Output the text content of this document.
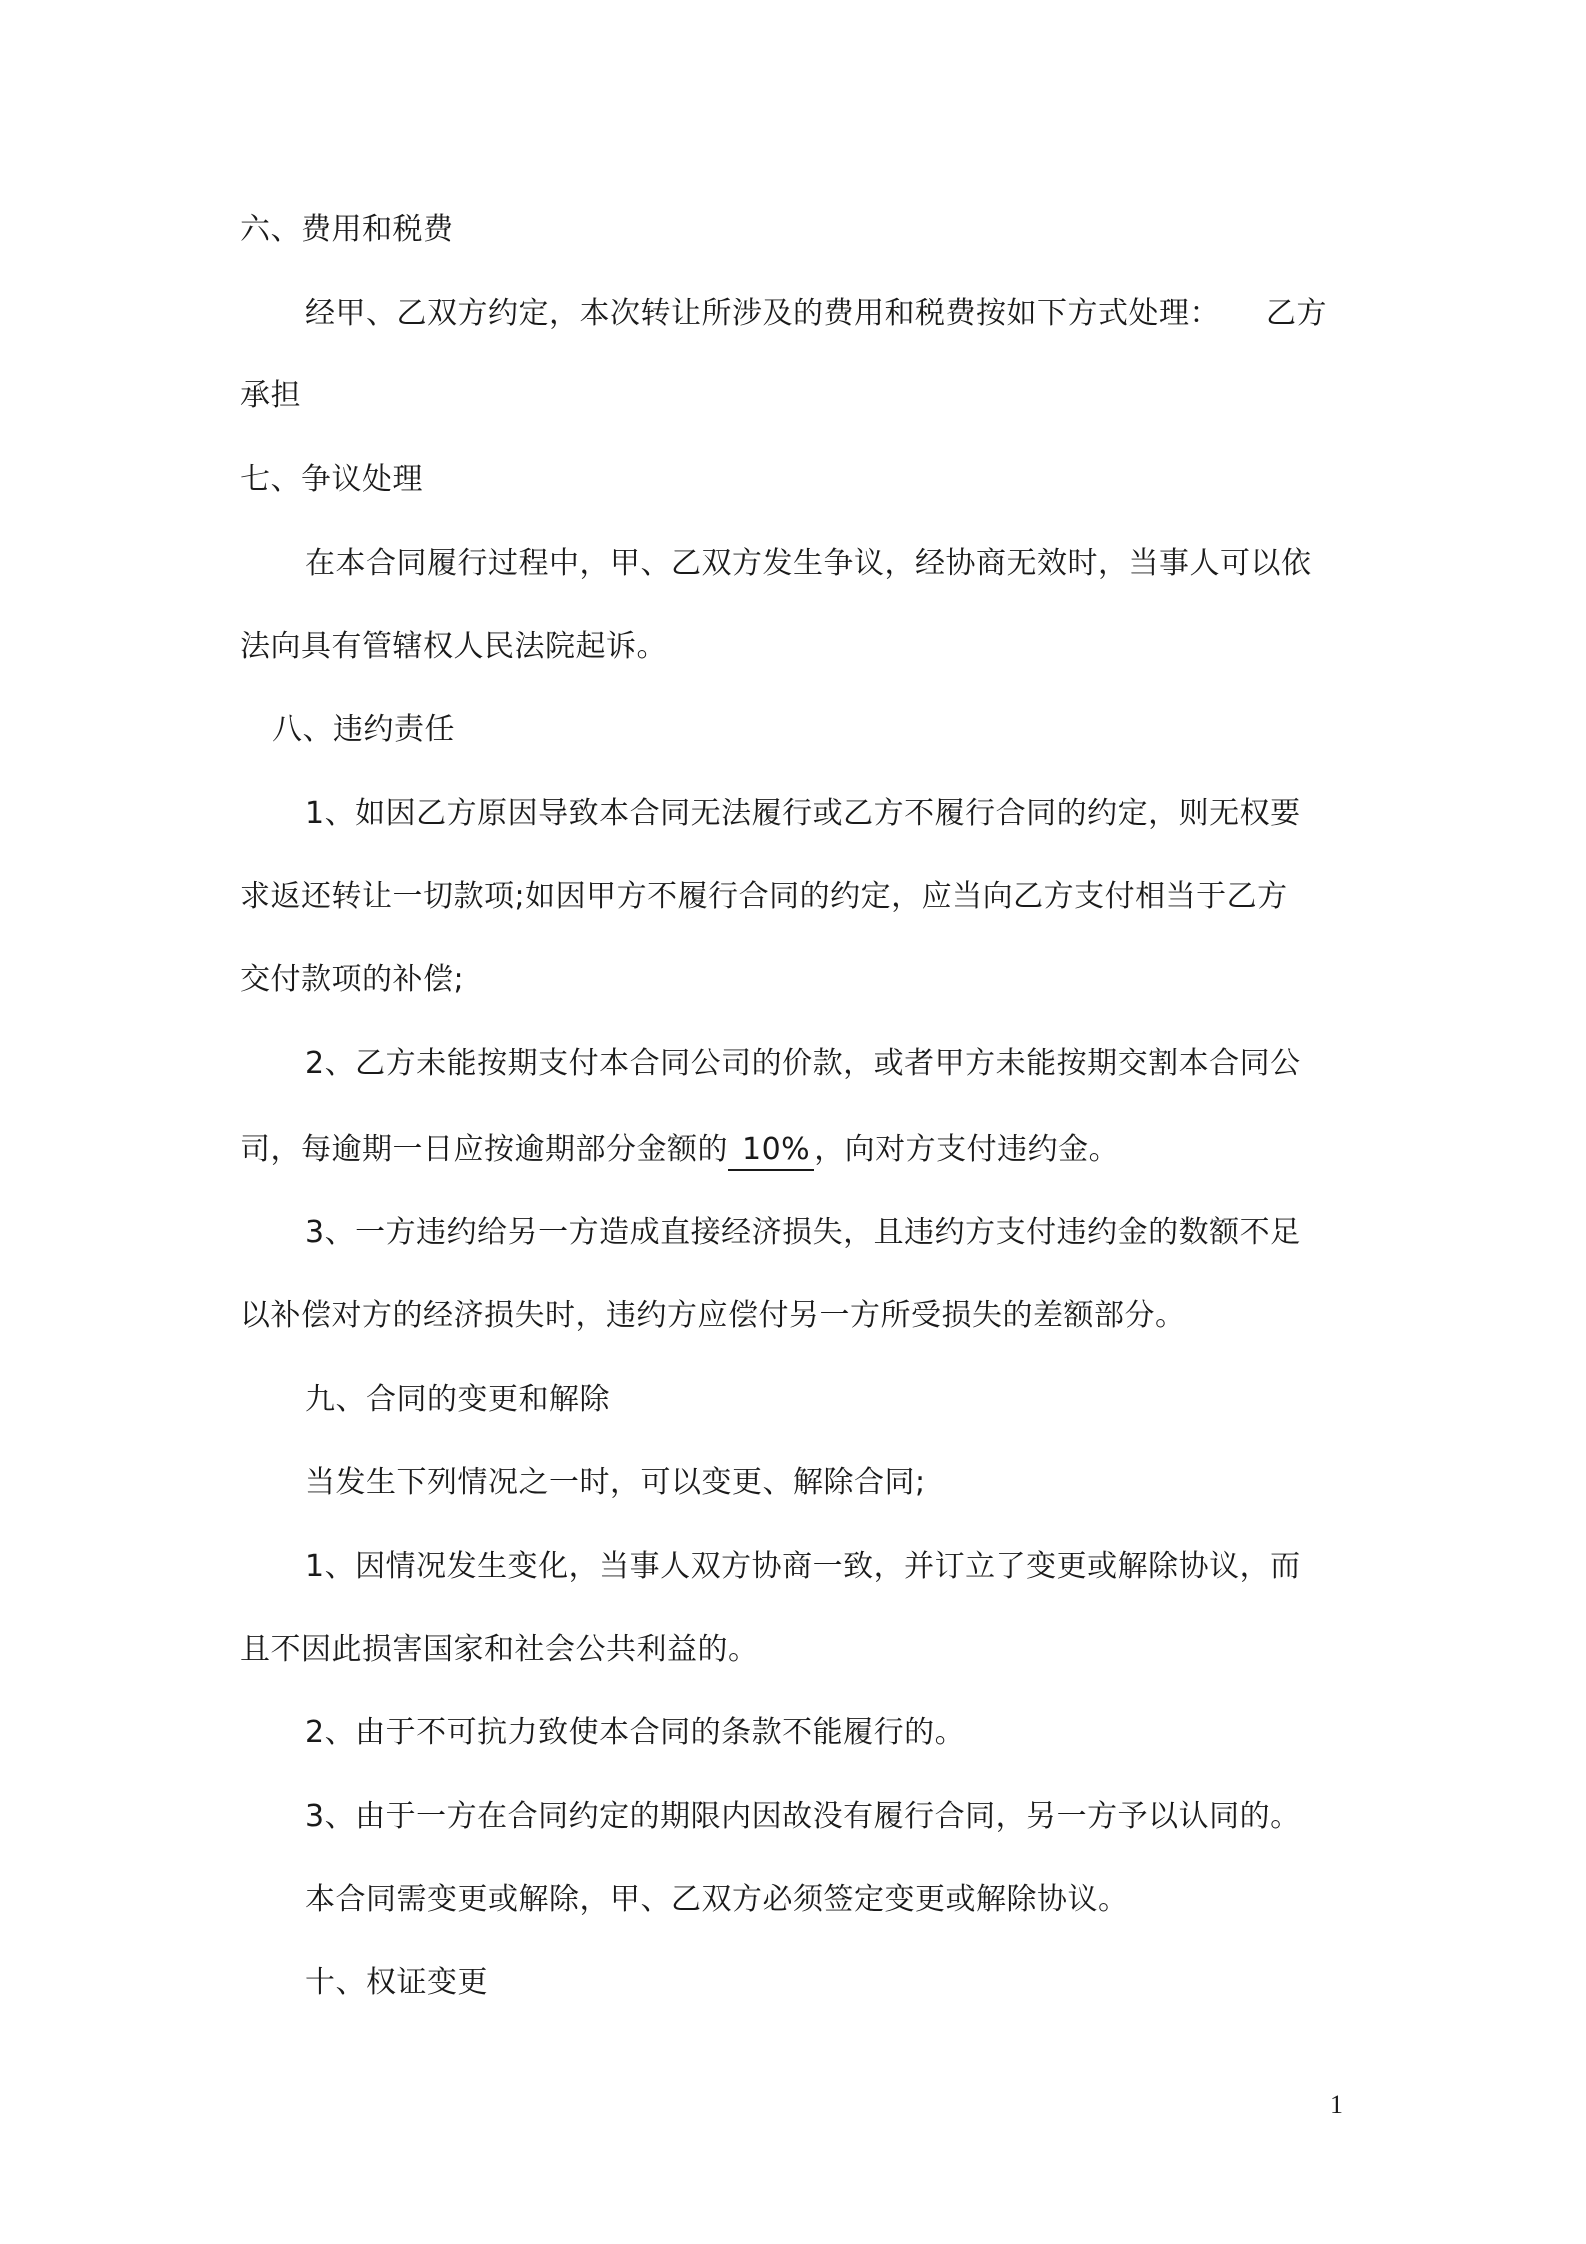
六、费用和税费
经甲、乙双方约定，本次转让所涉及的费用和税费按如下方式处理： 乙方
承担
七、争议处理
在本合同履行过程中，甲、乙双方发生争议，经协商无效时，当事人可以依
法向具有管辖权人民法院起诉。
八、违约责任
1、如因乙方原因导致本合同无法履行或乙方不履行合同的约定，则无权要
求返还转让一切款项;如因甲方不履行合同的约定，应当向乙方支付相当于乙方
交付款项的补偿;
2、乙方未能按期支付本合同公司的价款，或者甲方未能按期交割本合同公
司，每逾期一日应按逾期部分金额的 10% ，向对方支付违约金。
3、一方违约给另一方造成直接经济损失，且违约方支付违约金的数额不足
以补偿对方的经济损失时，违约方应偿付另一方所受损失的差额部分。
九、合同的变更和解除
当发生下列情况之一时，可以变更、解除合同;
1、因情况发生变化，当事人双方协商一致，并订立了变更或解除协议，而
且不因此损害国家和社会公共利益的。
2、由于不可抗力致使本合同的条款不能履行的。
3、由于一方在合同约定的期限内因故没有履行合同，另一方予以认同的。
本合同需变更或解除，甲、乙双方必须签定变更或解除协议。
十、权证变更
1
